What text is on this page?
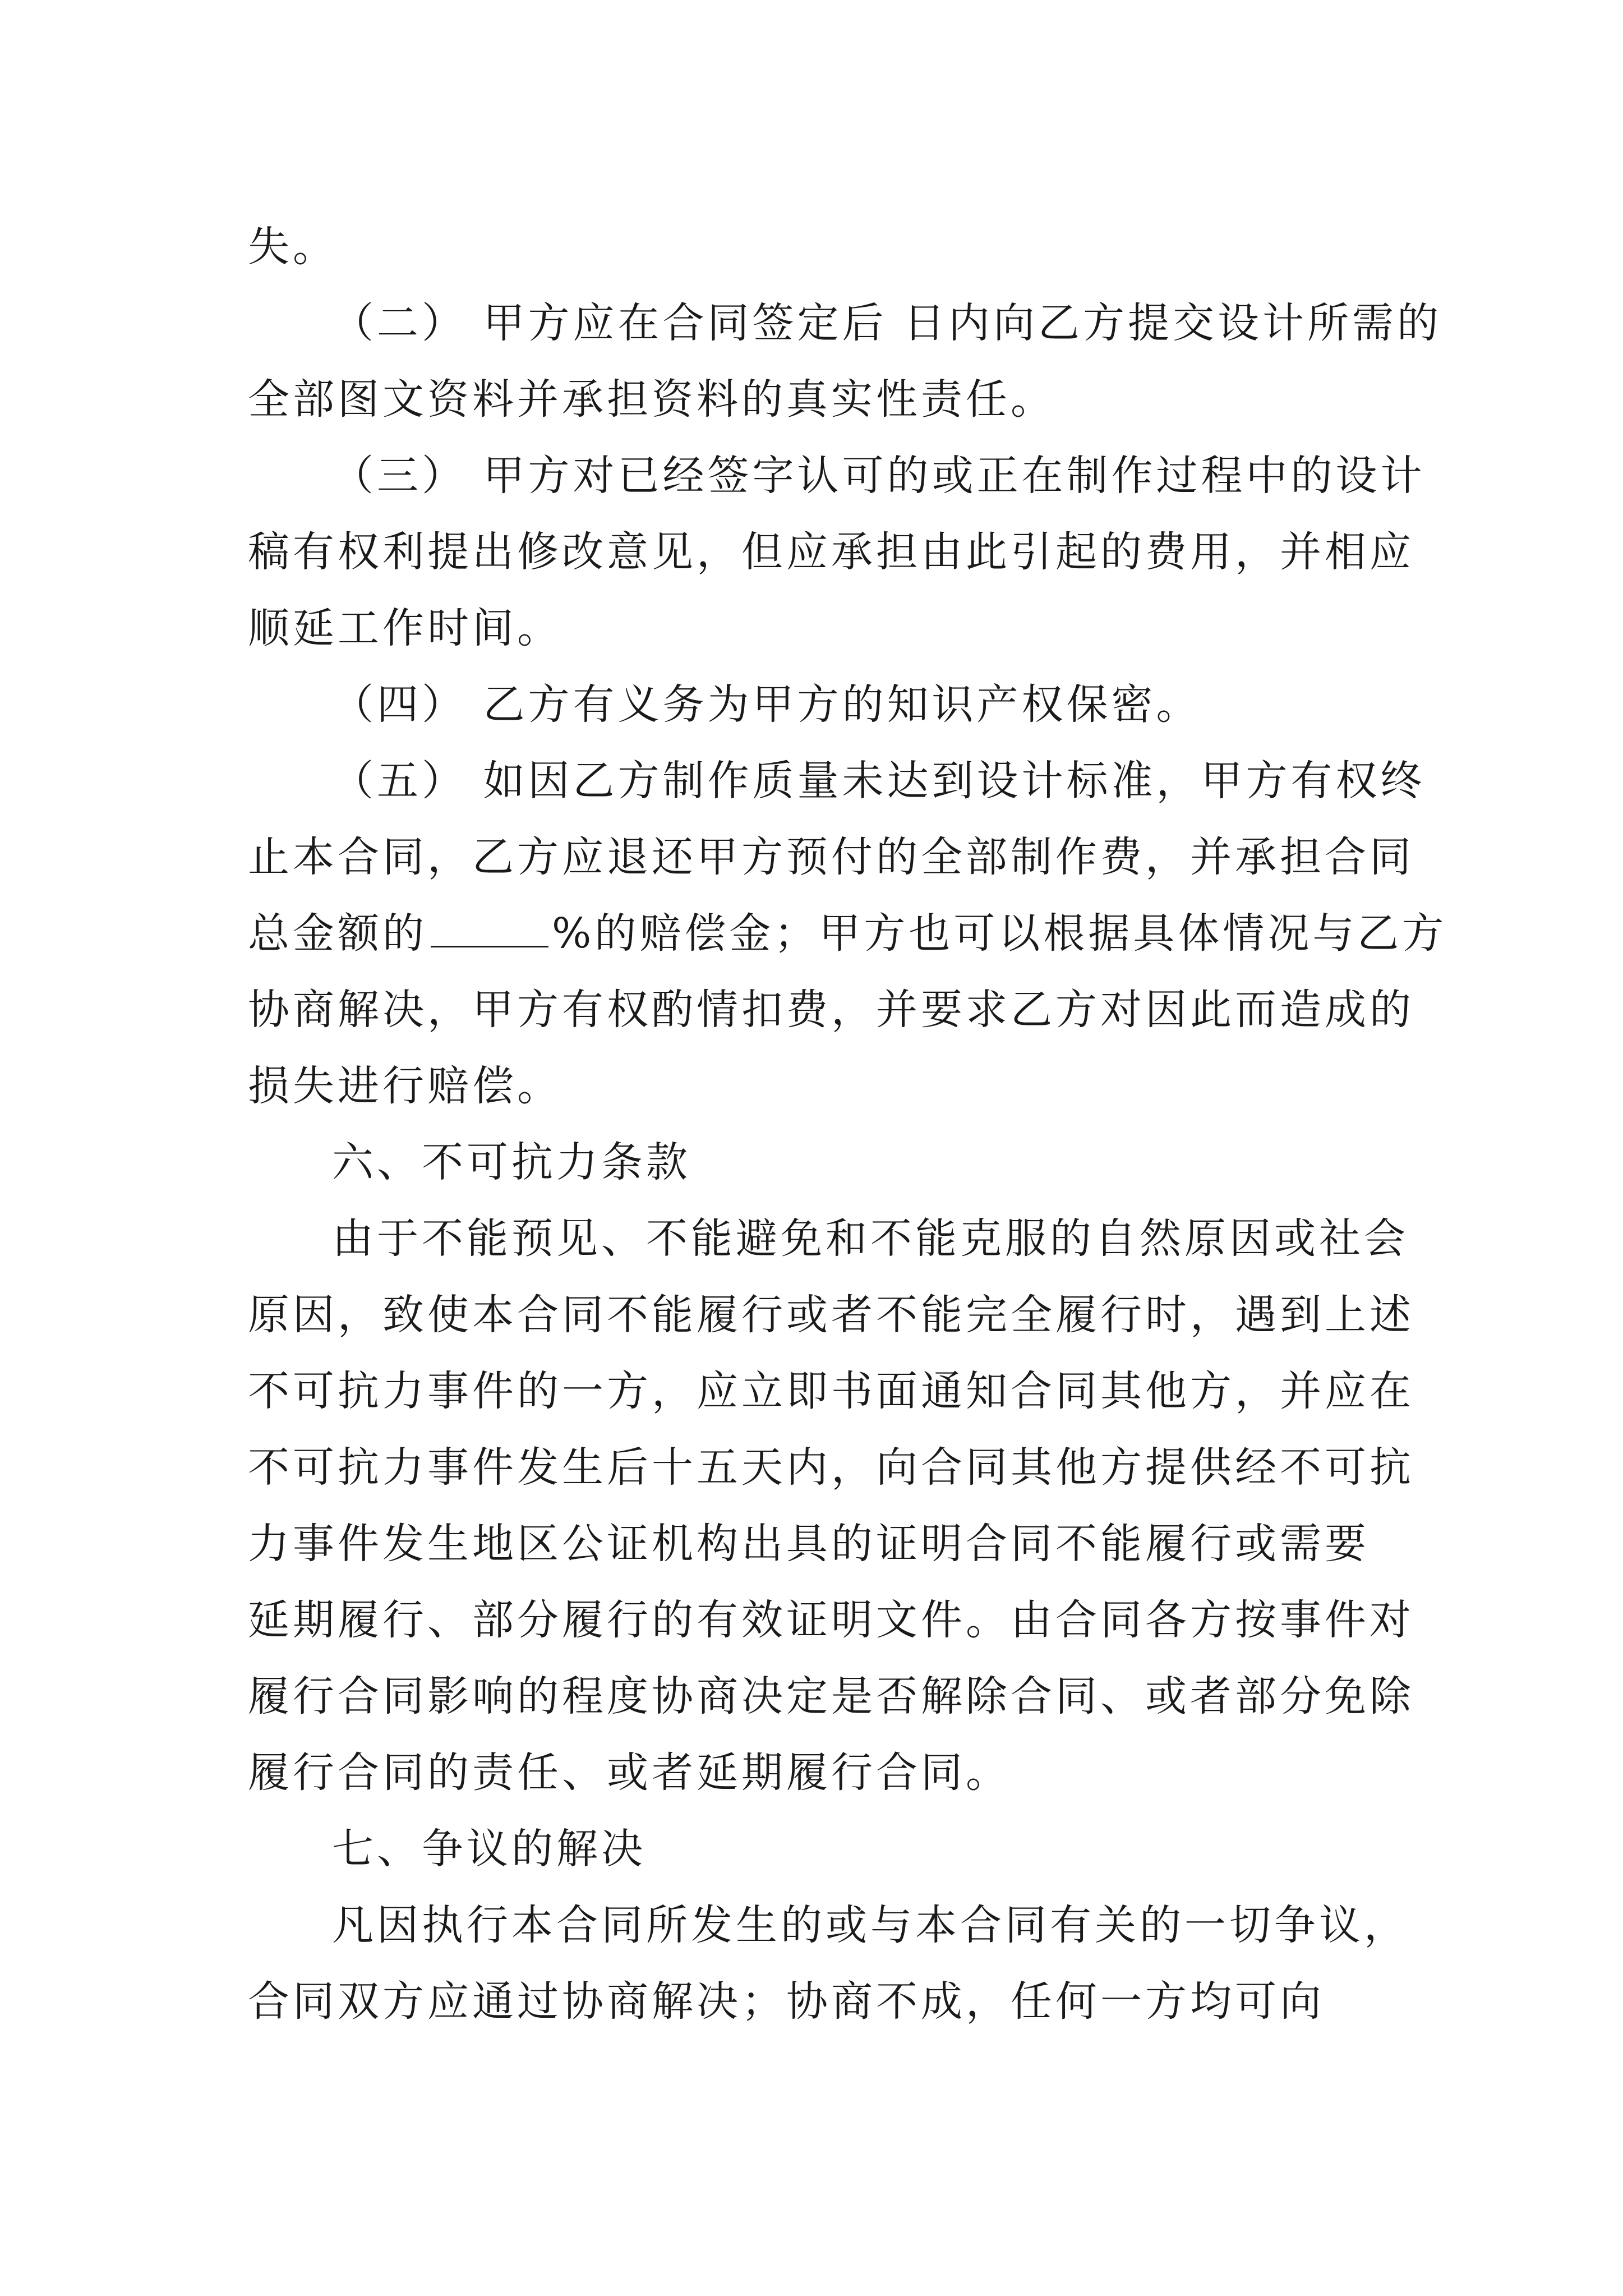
失。
（二） 甲方应在合同签定后 日内向乙方提交设计所需的
全部图文资料并承担资料的真实性责任。
（三） 甲方对已经签字认可的或正在制作过程中的设计
稿有权利提出修改意见，但应承担由此引起的费用，并相应
顺延工作时间。
（四） 乙方有义务为甲方的知识产权保密。
（五） 如因乙方制作质量未达到设计标准，甲方有权终
止本合同，乙方应退还甲方预付的全部制作费，并承担合同
总金额的	%的赔偿金；甲方也可以根据具体情况与乙方
协商解决，甲方有权酌情扣费，并要求乙方对因此而造成的
损失进行赔偿。
六、不可抗力条款
由于不能预见、不能避免和不能克服的自然原因或社会
原因，致使本合同不能履行或者不能完全履行时，遇到上述
不可抗力事件的一方，应立即书面通知合同其他方，并应在
不可抗力事件发生后十五天内，向合同其他方提供经不可抗
力事件发生地区公证机构出具的证明合同不能履行或需要
延期履行、部分履行的有效证明文件。由合同各方按事件对
履行合同影响的程度协商决定是否解除合同、或者部分免除
履行合同的责任、或者延期履行合同。
七、争议的解决
凡因执行本合同所发生的或与本合同有关的一切争议，
合同双方应通过协商解决；协商不成，任何一方均可向
